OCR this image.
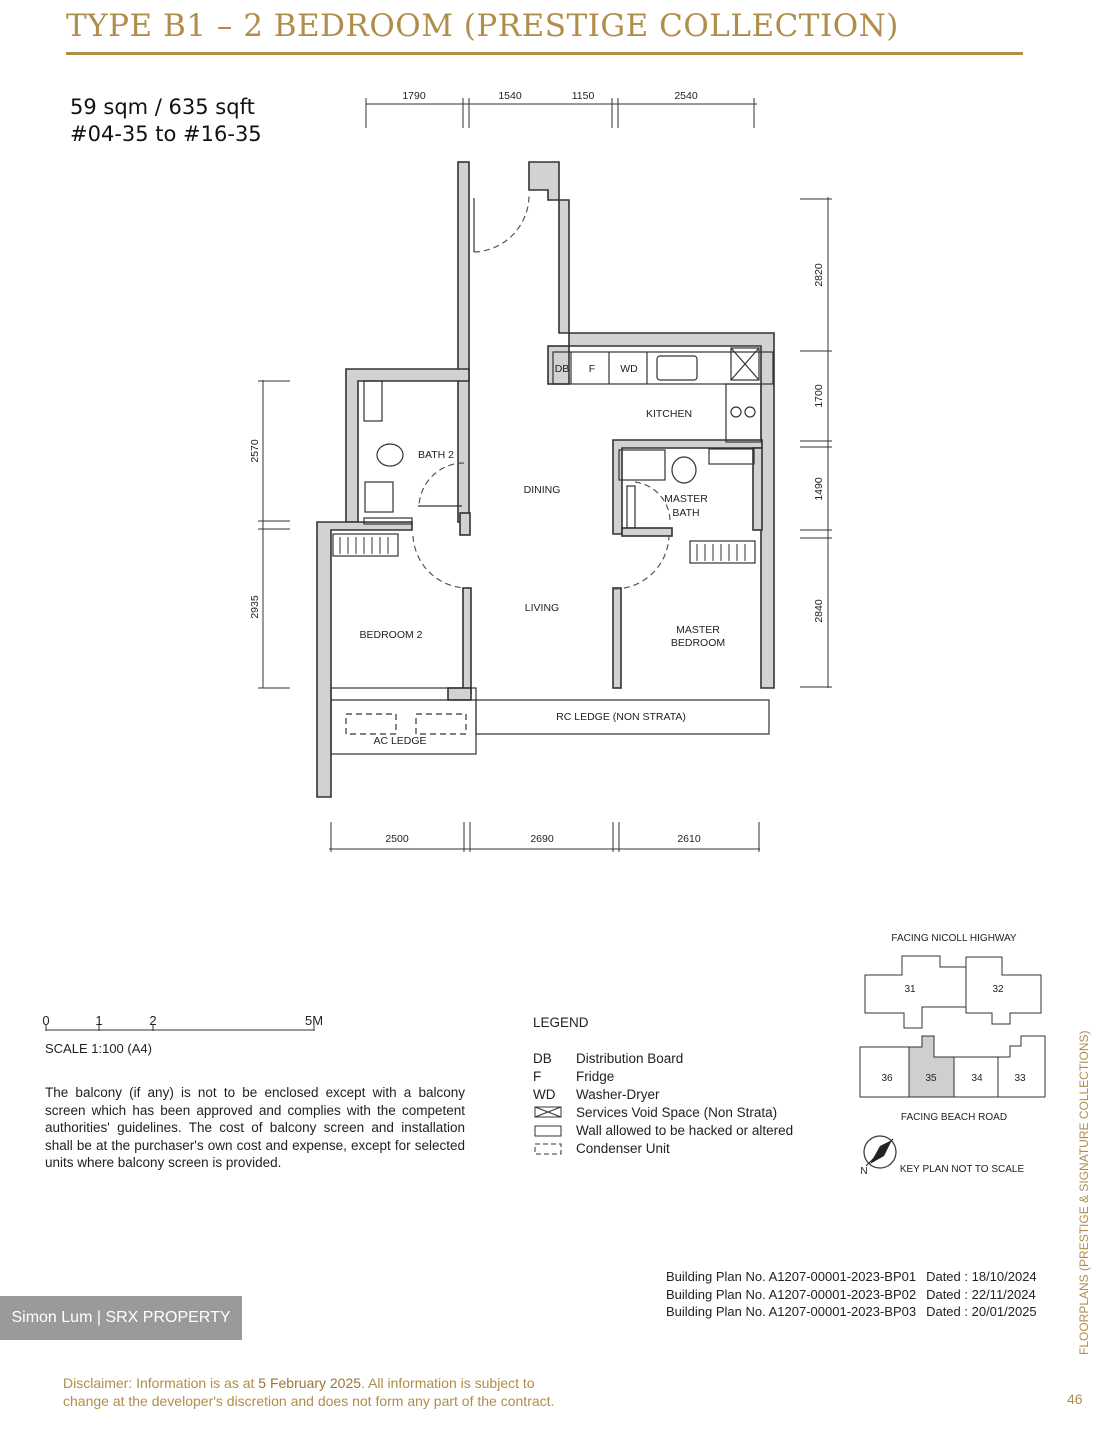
TYPE B1 – 2 BEDROOM (PRESTIGE COLLECTION)
59 sqm / 635 sqft
#04-35 to #16-35
1790	1540	1150	2540
2500	2690	2610
2570
2935
2820
1700
1490
2840
DB F WD
KITCHEN
BATH 2
DINING
MASTER
BATH
LIVING
BEDROOM 2	MASTER
BEDROOM
RC LEDGE (NON STRATA)
AC LEDGE
0	1	2	5M
SCALE 1:100 (A4)
FACING NICOLL HIGHWAY
31	32
36	35	34	33
FACING BEACH ROAD
KEY PLAN NOT TO SCALE
N
The balcony (if any) is not to be enclosed except with a balcony screen which has been approved and complies with the competent authorities' guidelines. The cost of balcony screen and installation shall be at the purchaser's own cost and expense, except for selected units where balcony screen is provided.
LEGEND
DB	Distribution Board
F	Fridge
WD	Washer-Dryer
Services Void Space (Non Strata)
Wall allowed to be hacked or altered
Condenser Unit
Building Plan No. A1207-00001-2023-BP01 Dated : 18/10/2024
Building Plan No. A1207-00001-2023-BP02 Dated : 22/11/2024
Building Plan No. A1207-00001-2023-BP03 Dated : 20/01/2025
Simon Lum | SRX PROPERTY
Disclaimer: Information is as at 5 February 2025. All information is subject to
change at the developer's discretion and does not form any part of the contract.
FLOORPLANS (PRESTIGE & SIGNATURE COLLECTIONS)
46
